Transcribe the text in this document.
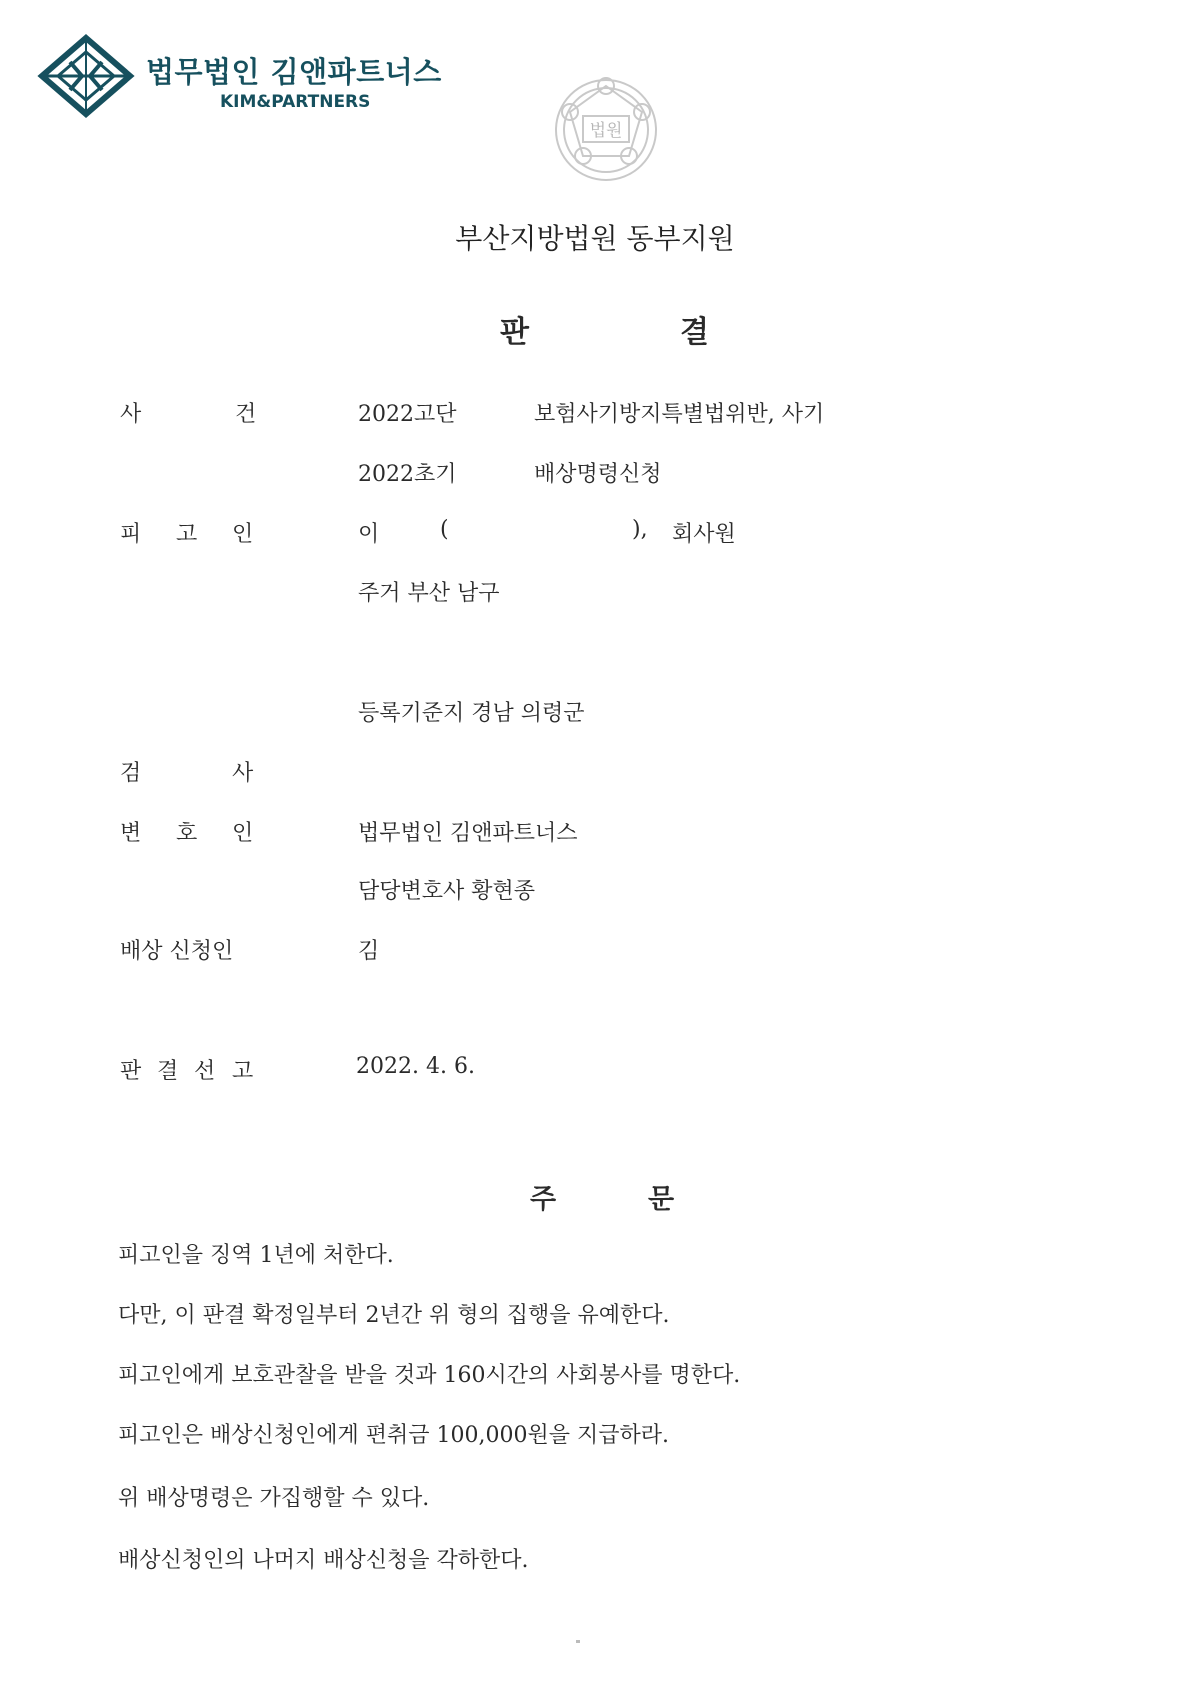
법무법인 김앤파트너스
KIM&PARTNERS
법원
부산지방법원 동부지원
판	결
사	건	2022고단	보험사기방지특별법위반, 사기
2022초기	배상명령신청
피 고 인	이	(	), 회사원
주거 부산 남구
등록기준지 경남 의령군
검	사
변 호 인	법무법인 김앤파트너스
담당변호사 황현종
배상 신청인	김
판 결 선 고	2022. 4. 6.
주	문
피고인을 징역 1년에 처한다.
다만, 이 판결 확정일부터 2년간 위 형의 집행을 유예한다.
피고인에게 보호관찰을 받을 것과 160시간의 사회봉사를 명한다.
피고인은 배상신청인에게 편취금 100,000원을 지급하라.
위 배상명령은 가집행할 수 있다.
배상신청인의 나머지 배상신청을 각하한다.
